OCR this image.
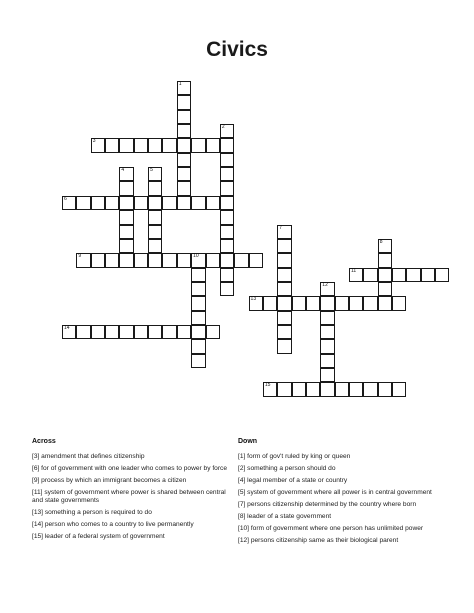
Civics
1
2
3
4	5
6
7
8
9	10
11
12
13
14
15
Across
[3] amendment that defines citizenship
[6] for of government with one leader who comes to power by force
[9] process by which an immigrant becomes a citizen
[11] system of government where power is shared between central and state governments
[13] something a person is required to do
[14] person who comes to a country to live permanently
[15] leader of a federal system of government
Down
[1] form of gov't ruled by king or queen
[2] something a person should do
[4] legal member of a state or country
[5] system of government where all power is in central government
[7] persons citizenship determined by the country where born
[8] leader of a state government
[10] form of government where one person has unlimited power
[12] persons citizenship same as their biological parent
